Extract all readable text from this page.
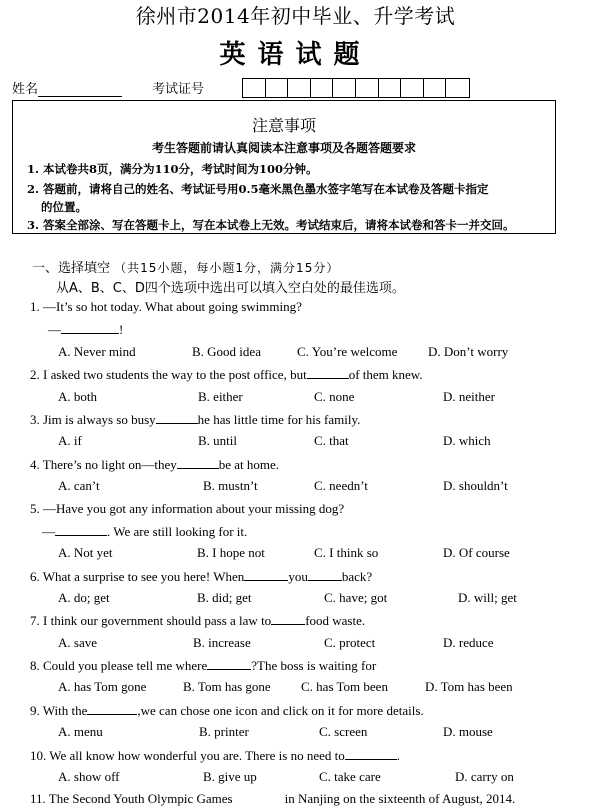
徐州市2014年初中毕业、升学考试
英语试题
姓名	考试证号
注意事项
考生答题前请认真阅读本注意事项及各题答题要求
1. 本试卷共8页，满分为110分，考试时间为100分钟。
2. 答题前，请将自己的姓名、考试证号用0.5毫米黑色墨水签字笔写在本试卷及答题卡指定
的位置。
3. 答案全部涂、写在答题卡上，写在本试卷上无效。考试结束后，请将本试卷和答卡一并交回。
一、选择填空 （共15小题，每小题1分，满分15分）
从A、B、C、D四个选项中选出可以填入空白处的最佳选项。
1. —It’s so hot today. What about going swimming?
—	!
A. Never mind	B. Good idea	C. You’re welcome D. Don’t worry
2. I asked two students the way to the post office, but	of them knew.
A. both	B. either	C. none	D. neither
3. Jim is always so busy	he has little time for his family.
A. if	B. until	C. that	D. which
4. There’s no light on—they	be at home.
A. can’t	B. mustn’t	C. needn’t	D. shouldn’t
5. —Have you got any information about your missing dog?
—	. We are still looking for it.
A. Not yet	B. I hope not	C. I think so	D. Of course
6. What a surprise to see you here! When	you	back?
A. do; get	B. did; get	C. have; got	D. will; get
7. I think our government should pass a law to	food waste.
A. save	B. increase	C. protect	D. reduce
8. Could you please tell me where	?The boss is waiting for
A. has Tom gone	B. Tom has gone C. has Tom been	D. Tom has been
9. With the	,we can chose one icon and click on it for more details.
A. menu	B. printer	C. screen	D. mouse
10. We all know how wonderful you are. There is no need to	.
A. show off	B. give up	C. take care	D. carry on
11. The Second Youth Olympic Games	in Nanjing on the sixteenth of August, 2014.
